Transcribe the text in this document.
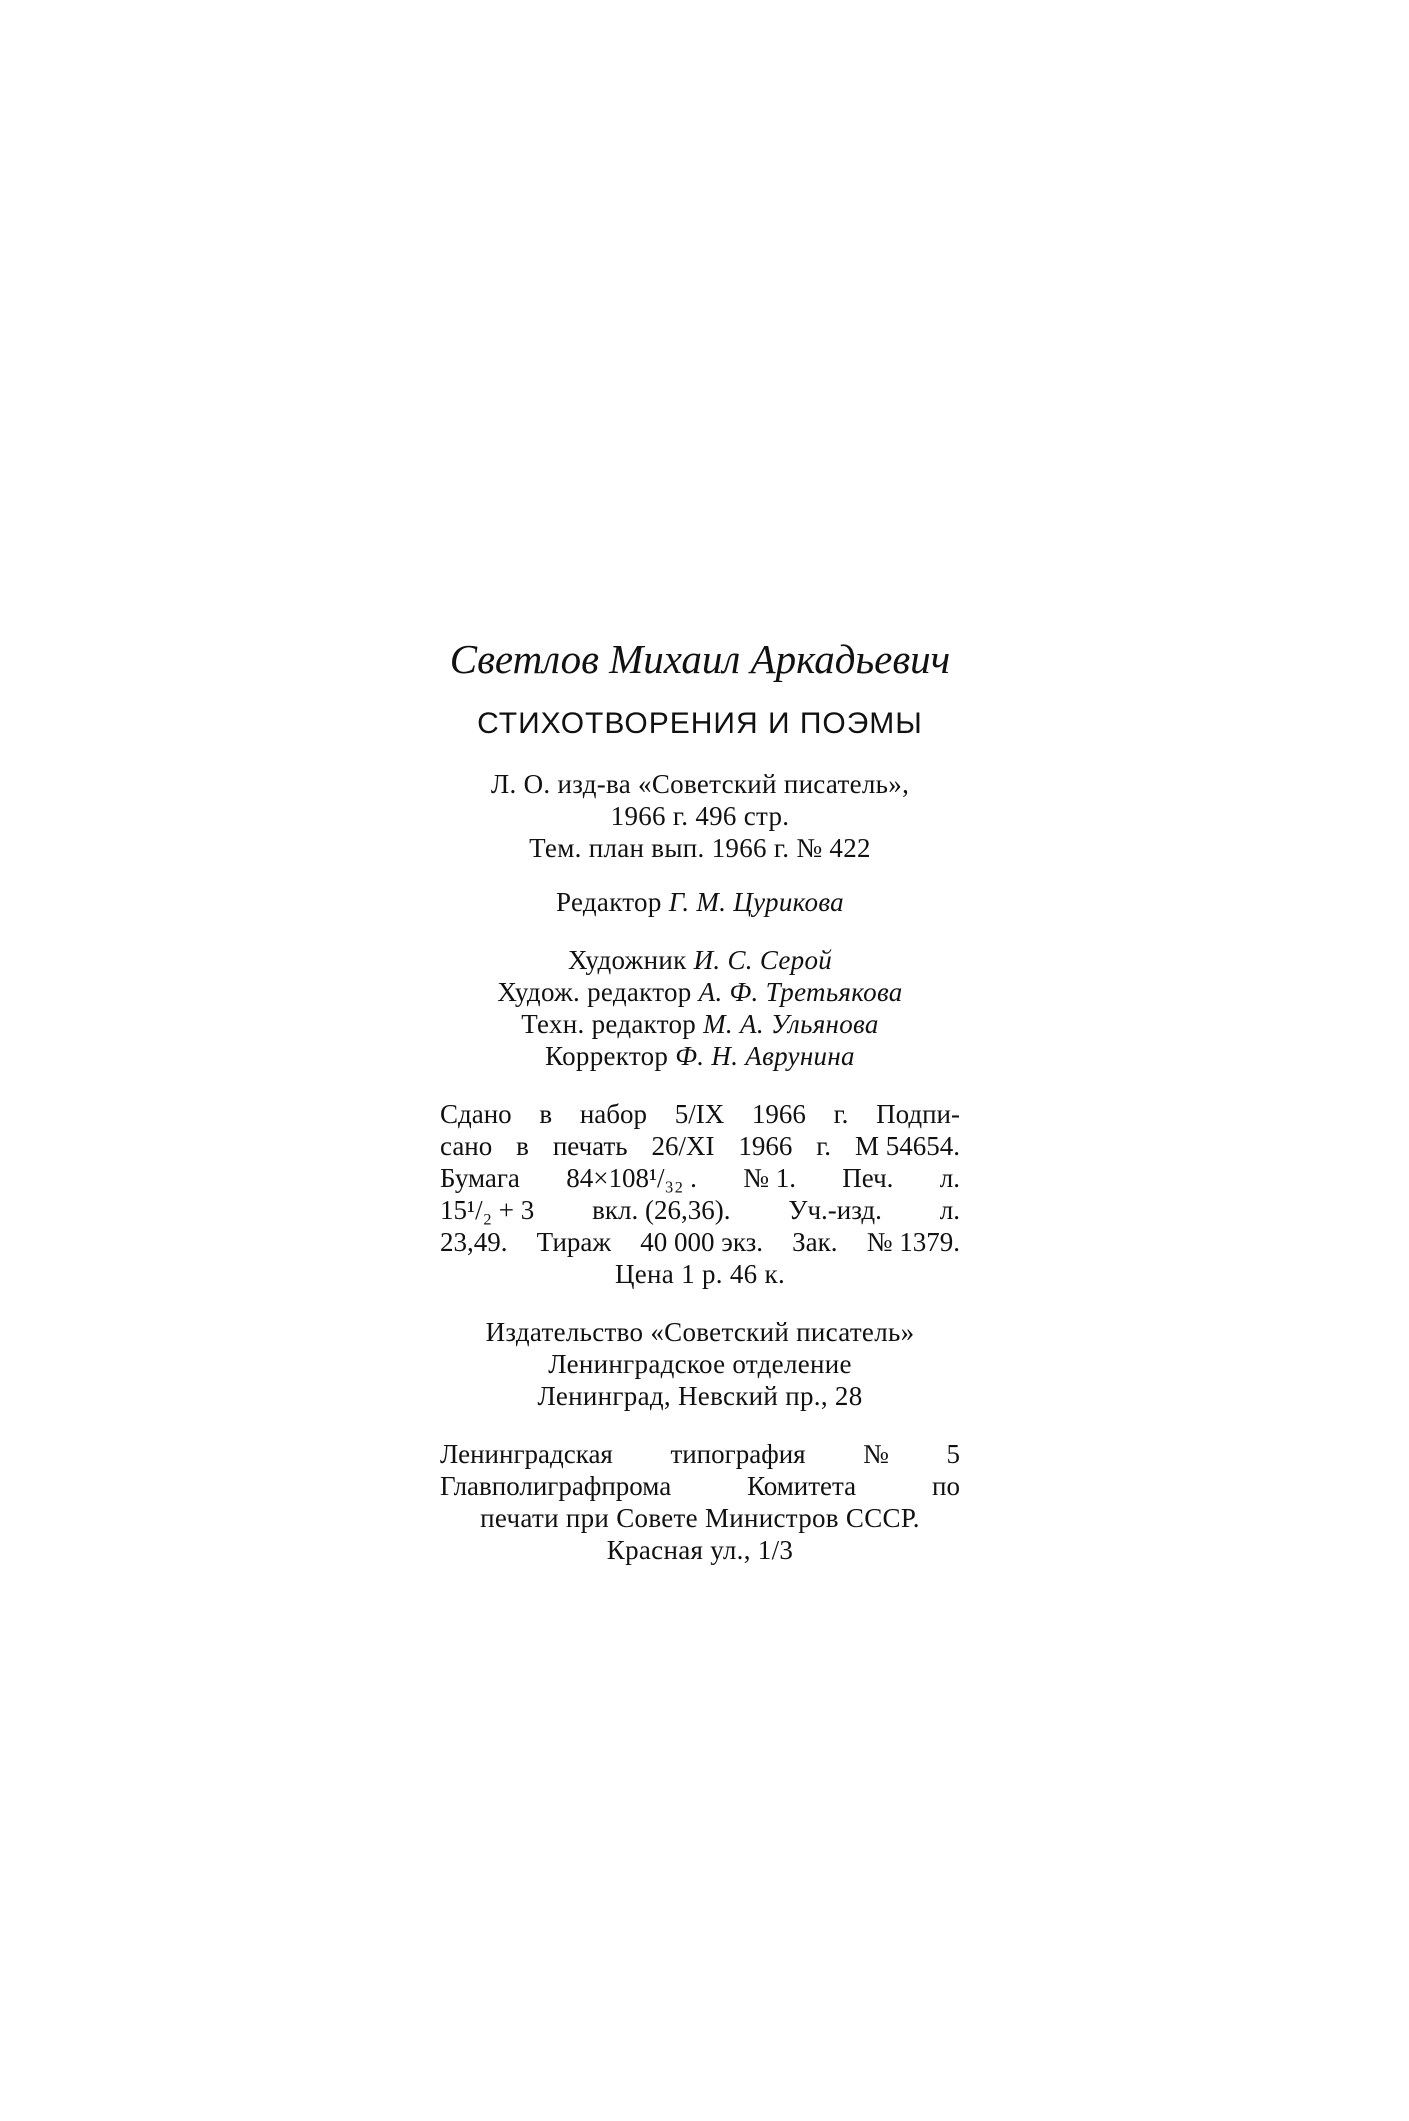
Светлов Михаил Аркадьевич
СТИХОТВОРЕНИЯ И ПОЭМЫ
Л. О. изд-ва «Советский писатель»,
1966 г. 496 стр.
Тем. план вып. 1966 г. № 422
Редактор Г. М. Цурикова
Художник И. С. Серой
Худож. редактор А. Ф. Третьякова
Техн. редактор М. А. Ульянова
Корректор Ф. Н. Аврунина
Сдано в набор 5/IX 1966 г. Подпи-
сано в печать 26/XI 1966 г. М 54654.
Бумага 84×108¹/₃₂ . № 1. Печ. л.
15¹/₂ + 3 вкл. (26,36). Уч.-изд. л.
23,49. Тираж 40 000 экз. Зак. № 1379.
Цена 1 р. 46 к.
Издательство «Советский писатель»
Ленинградское отделение
Ленинград, Невский пр., 28
Ленинградская типография № 5
Главполиграфпрома	Комитета	по
печати при Совете Министров СССР.
Красная ул., 1/3
